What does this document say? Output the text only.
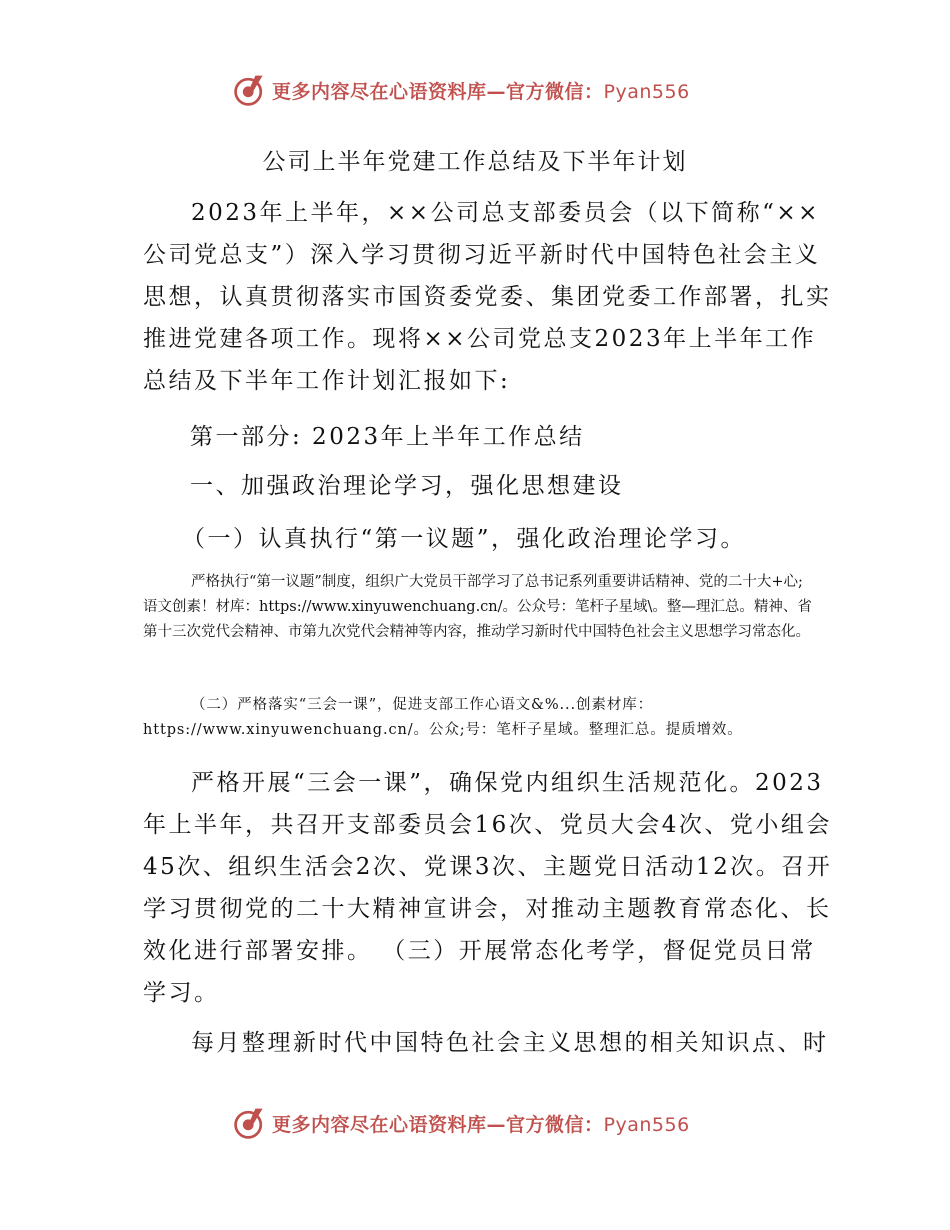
更多内容尽在心语资料库—官方微信：Pyan556
公司上半年党建工作总结及下半年计划

2023年上半年，××公司总支部委员会（以下简称“××公司党总支”）深入学习贯彻习近平新时代中国特色社会主义思想，认真贯彻落实市国资委党委、集团党委工作部署，扎实推进党建各项工作。现将××公司党总支2023年上半年工作总结及下半年工作计划汇报如下:

第一部分: 2023年上半年工作总结

一、加强政治理论学习，强化思想建设

（一）认真执行“第一议题”，强化政治理论学习。

严格执行“第一议题”制度，组织广大党员干部学习了总书记系列重要讲话精神、党的二十大+心;语文创素！材库：https://www.xinyuwenchuang.cn/。公众号：笔杆子星域\。整—理汇总。精神、省第十三次党代会精神、市第九次党代会精神等内容，推动学习新时代中国特色社会主义思想学习常态化。

（二）严格落实“三会一课”，促进支部工作心语文&%...创素材库：https://www.xinyuwenchuang.cn/。公众;号：笔杆子星域。整理汇总。提质增效。

严格开展“三会一课”，确保党内组织生活规范化。2023年上半年，共召开支部委员会16次、党员大会4次、党小组会45次、组织生活会2次、党课3次、主题党日活动12次。召开学习贯彻党的二十大精神宣讲会，对推动主题教育常态化、长效化进行部署安排。 （三）开展常态化考学，督促党员日常学习。

每月整理新时代中国特色社会主义思想的相关知识点、时

更多内容尽在心语资料库—官方微信：Pyan556
